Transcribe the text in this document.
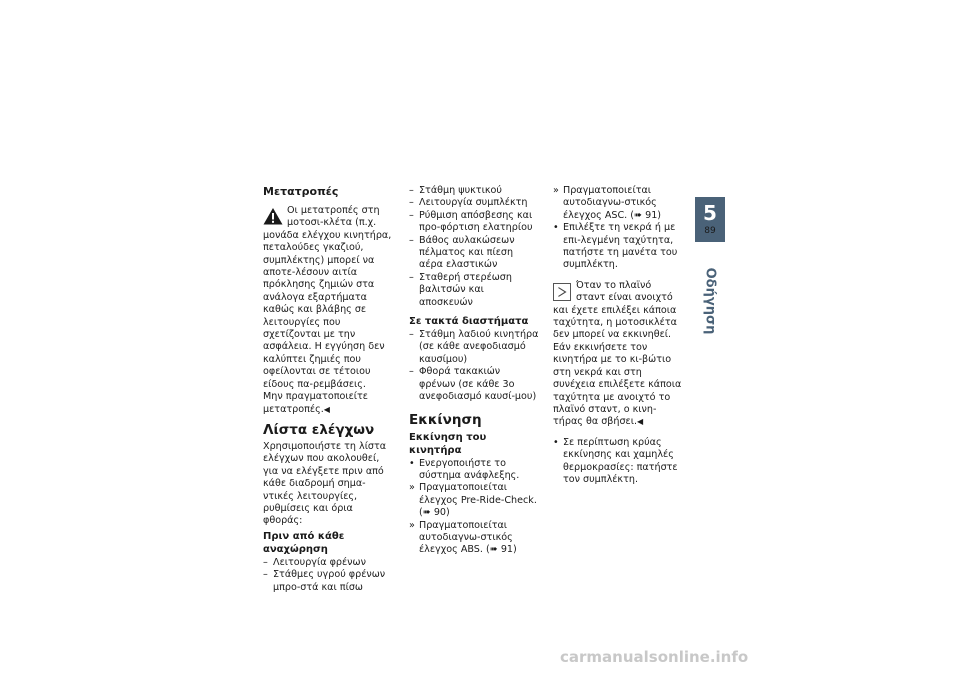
Μετατροπές
Οι μετατροπές στη μοτοσι-κλέτα (π.χ. μονάδα ελέγχου κινητήρα, πεταλούδες γκαζιού, συμπλέκτης) μπορεί να αποτε-λέσουν αιτία πρόκλησης ζημιών στα ανάλογα εξαρτήματα καθώς και βλάβης σε λειτουργίες που σχετίζονται με την ασφάλεια. Η εγγύηση δεν καλύπτει ζημιές που οφείλονται σε τέτοιου είδους πα-ρεμβάσεις.
Μην πραγματοποιείτε μετατροπές.◀
Λίστα ελέγχων
Χρησιμοποιήστε τη λίστα ελέγχων που ακολουθεί, για να ελέγξετε πριν από κάθε διαδρομή σημα-ντικές λειτουργίες, ρυθμίσεις και όρια φθοράς:
Πριν από κάθε αναχώρηση
– Λειτουργία φρένων
– Στάθμες υγρού φρένων μπρο-στά και πίσω
– Στάθμη ψυκτικού
– Λειτουργία συμπλέκτη
– Ρύθμιση απόσβεσης και προ-φόρτιση ελατηρίου
– Βάθος αυλακώσεων πέλματος και πίεση αέρα ελαστικών
– Σταθερή στερέωση βαλιτσών και αποσκευών
Σε τακτά διαστήματα
– Στάθμη λαδιού κινητήρα (σε κάθε ανεφοδιασμό καυσίμου)
– Φθορά τακακιών φρένων (σε κάθε 3ο ανεφοδιασμό καυσί-μου)
Εκκίνηση
Εκκίνηση του κινητήρα
• Ενεργοποιήστε το σύστημα ανάφλεξης.
» Πραγματοποιείται έλεγχος Pre-Ride-Check. (➠ 90)
» Πραγματοποιείται αυτοδιαγνω-στικός έλεγχος ABS. (➠ 91)
» Πραγματοποιείται αυτοδιαγνω-στικός έλεγχος ASC. (➠ 91)
• Επιλέξτε τη νεκρά ή με επι-λεγμένη ταχύτητα, πατήστε τη μανέτα του συμπλέκτη.
Όταν το πλαϊνό σταντ είναι ανοιχτό και έχετε επιλέξει κάποια ταχύτητα, η μοτοσικλέτα δεν μπορεί να εκκινηθεί. Εάν εκκινήσετε τον κινητήρα με το κι-βώτιο στη νεκρά και στη συνέχεια επιλέξετε κάποια ταχύτητα με ανοιχτό το πλαϊνό σταντ, ο κινη-τήρας θα σβήσει.◀
• Σε περίπτωση κρύας εκκίνησης και χαμηλές θερμοκρασίες: πατήστε τον συμπλέκτη.
5
89
Οδήγηση
carmanualsonline.info
